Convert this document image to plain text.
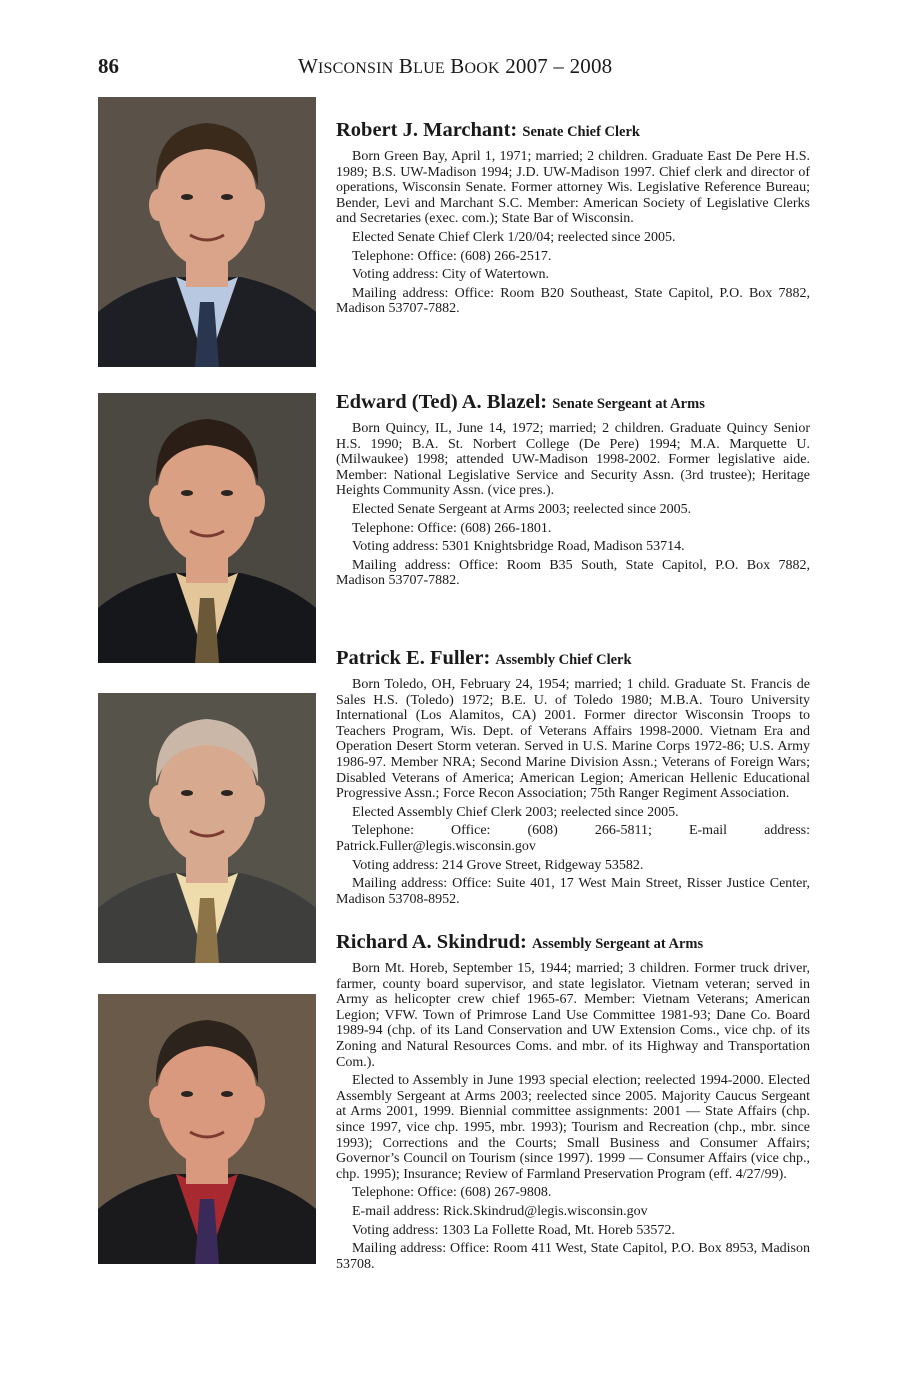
86	WISCONSIN BLUE BOOK 2007 – 2008
Robert J. Marchant: Senate Chief Clerk

Born Green Bay, April 1, 1971; married; 2 children. Graduate East De Pere H.S. 1989; B.S. UW-Madison 1994; J.D. UW-Madison 1997. Chief clerk and director of operations, Wisconsin Senate. Former attorney Wis. Legislative Reference Bureau; Bender, Levi and Marchant S.C. Member: American Society of Legislative Clerks and Secretaries (exec. com.); State Bar of Wisconsin.

Elected Senate Chief Clerk 1/20/04; reelected since 2005.

Telephone: Office: (608) 266-2517.

Voting address: City of Watertown.

Mailing address: Office: Room B20 Southeast, State Capitol, P.O. Box 7882, Madison 53707-7882.

Edward (Ted) A. Blazel: Senate Sergeant at Arms

Born Quincy, IL, June 14, 1972; married; 2 children. Graduate Quincy Senior H.S. 1990; B.A. St. Norbert College (De Pere) 1994; M.A. Marquette U. (Milwaukee) 1998; attended UW-Madison 1998-2002. Former legislative aide. Member: National Legislative Service and Security Assn. (3rd trustee); Heritage Heights Community Assn. (vice pres.).

Elected Senate Sergeant at Arms 2003; reelected since 2005.

Telephone: Office: (608) 266-1801.

Voting address: 5301 Knightsbridge Road, Madison 53714.

Mailing address: Office: Room B35 South, State Capitol, P.O. Box 7882, Madison 53707-7882.

Patrick E. Fuller: Assembly Chief Clerk

Born Toledo, OH, February 24, 1954; married; 1 child. Graduate St. Francis de Sales H.S. (Toledo) 1972; B.E. U. of Toledo 1980; M.B.A. Touro University International (Los Alamitos, CA) 2001. Former director Wisconsin Troops to Teachers Program, Wis. Dept. of Veterans Affairs 1998-2000. Vietnam Era and Operation Desert Storm veteran. Served in U.S. Marine Corps 1972-86; U.S. Army 1986-97. Member NRA; Second Marine Division Assn.; Veterans of Foreign Wars; Disabled Veterans of America; American Legion; American Hellenic Educational Progressive Assn.; Force Recon Association; 75th Ranger Regiment Association.

Elected Assembly Chief Clerk 2003; reelected since 2005.

Telephone: Office: (608) 266-5811; E-mail address: Patrick.Fuller@legis.wisconsin.gov

Voting address: 214 Grove Street, Ridgeway 53582.

Mailing address: Office: Suite 401, 17 West Main Street, Risser Justice Center, Madison 53708-8952.

Richard A. Skindrud: Assembly Sergeant at Arms

Born Mt. Horeb, September 15, 1944; married; 3 children. Former truck driver, farmer, county board supervisor, and state legislator. Vietnam veteran; served in Army as helicopter crew chief 1965-67. Member: Vietnam Veterans; American Legion; VFW. Town of Primrose Land Use Committee 1981-93; Dane Co. Board 1989-94 (chp. of its Land Conservation and UW Extension Coms., vice chp. of its Zoning and Natural Resources Coms. and mbr. of its Highway and Transportation Com.).

Elected to Assembly in June 1993 special election; reelected 1994-2000. Elected Assembly Sergeant at Arms 2003; reelected since 2005. Majority Caucus Sergeant at Arms 2001, 1999. Biennial committee assignments: 2001 — State Affairs (chp. since 1997, vice chp. 1995, mbr. 1993); Tourism and Recreation (chp., mbr. since 1993); Corrections and the Courts; Small Business and Consumer Affairs; Governor’s Council on Tourism (since 1997). 1999 — Consumer Affairs (vice chp., chp. 1995); Insurance; Review of Farmland Preservation Program (eff. 4/27/99).

Telephone: Office: (608) 267-9808.

E-mail address: Rick.Skindrud@legis.wisconsin.gov

Voting address: 1303 La Follette Road, Mt. Horeb 53572.

Mailing address: Office: Room 411 West, State Capitol, P.O. Box 8953, Madison 53708.
